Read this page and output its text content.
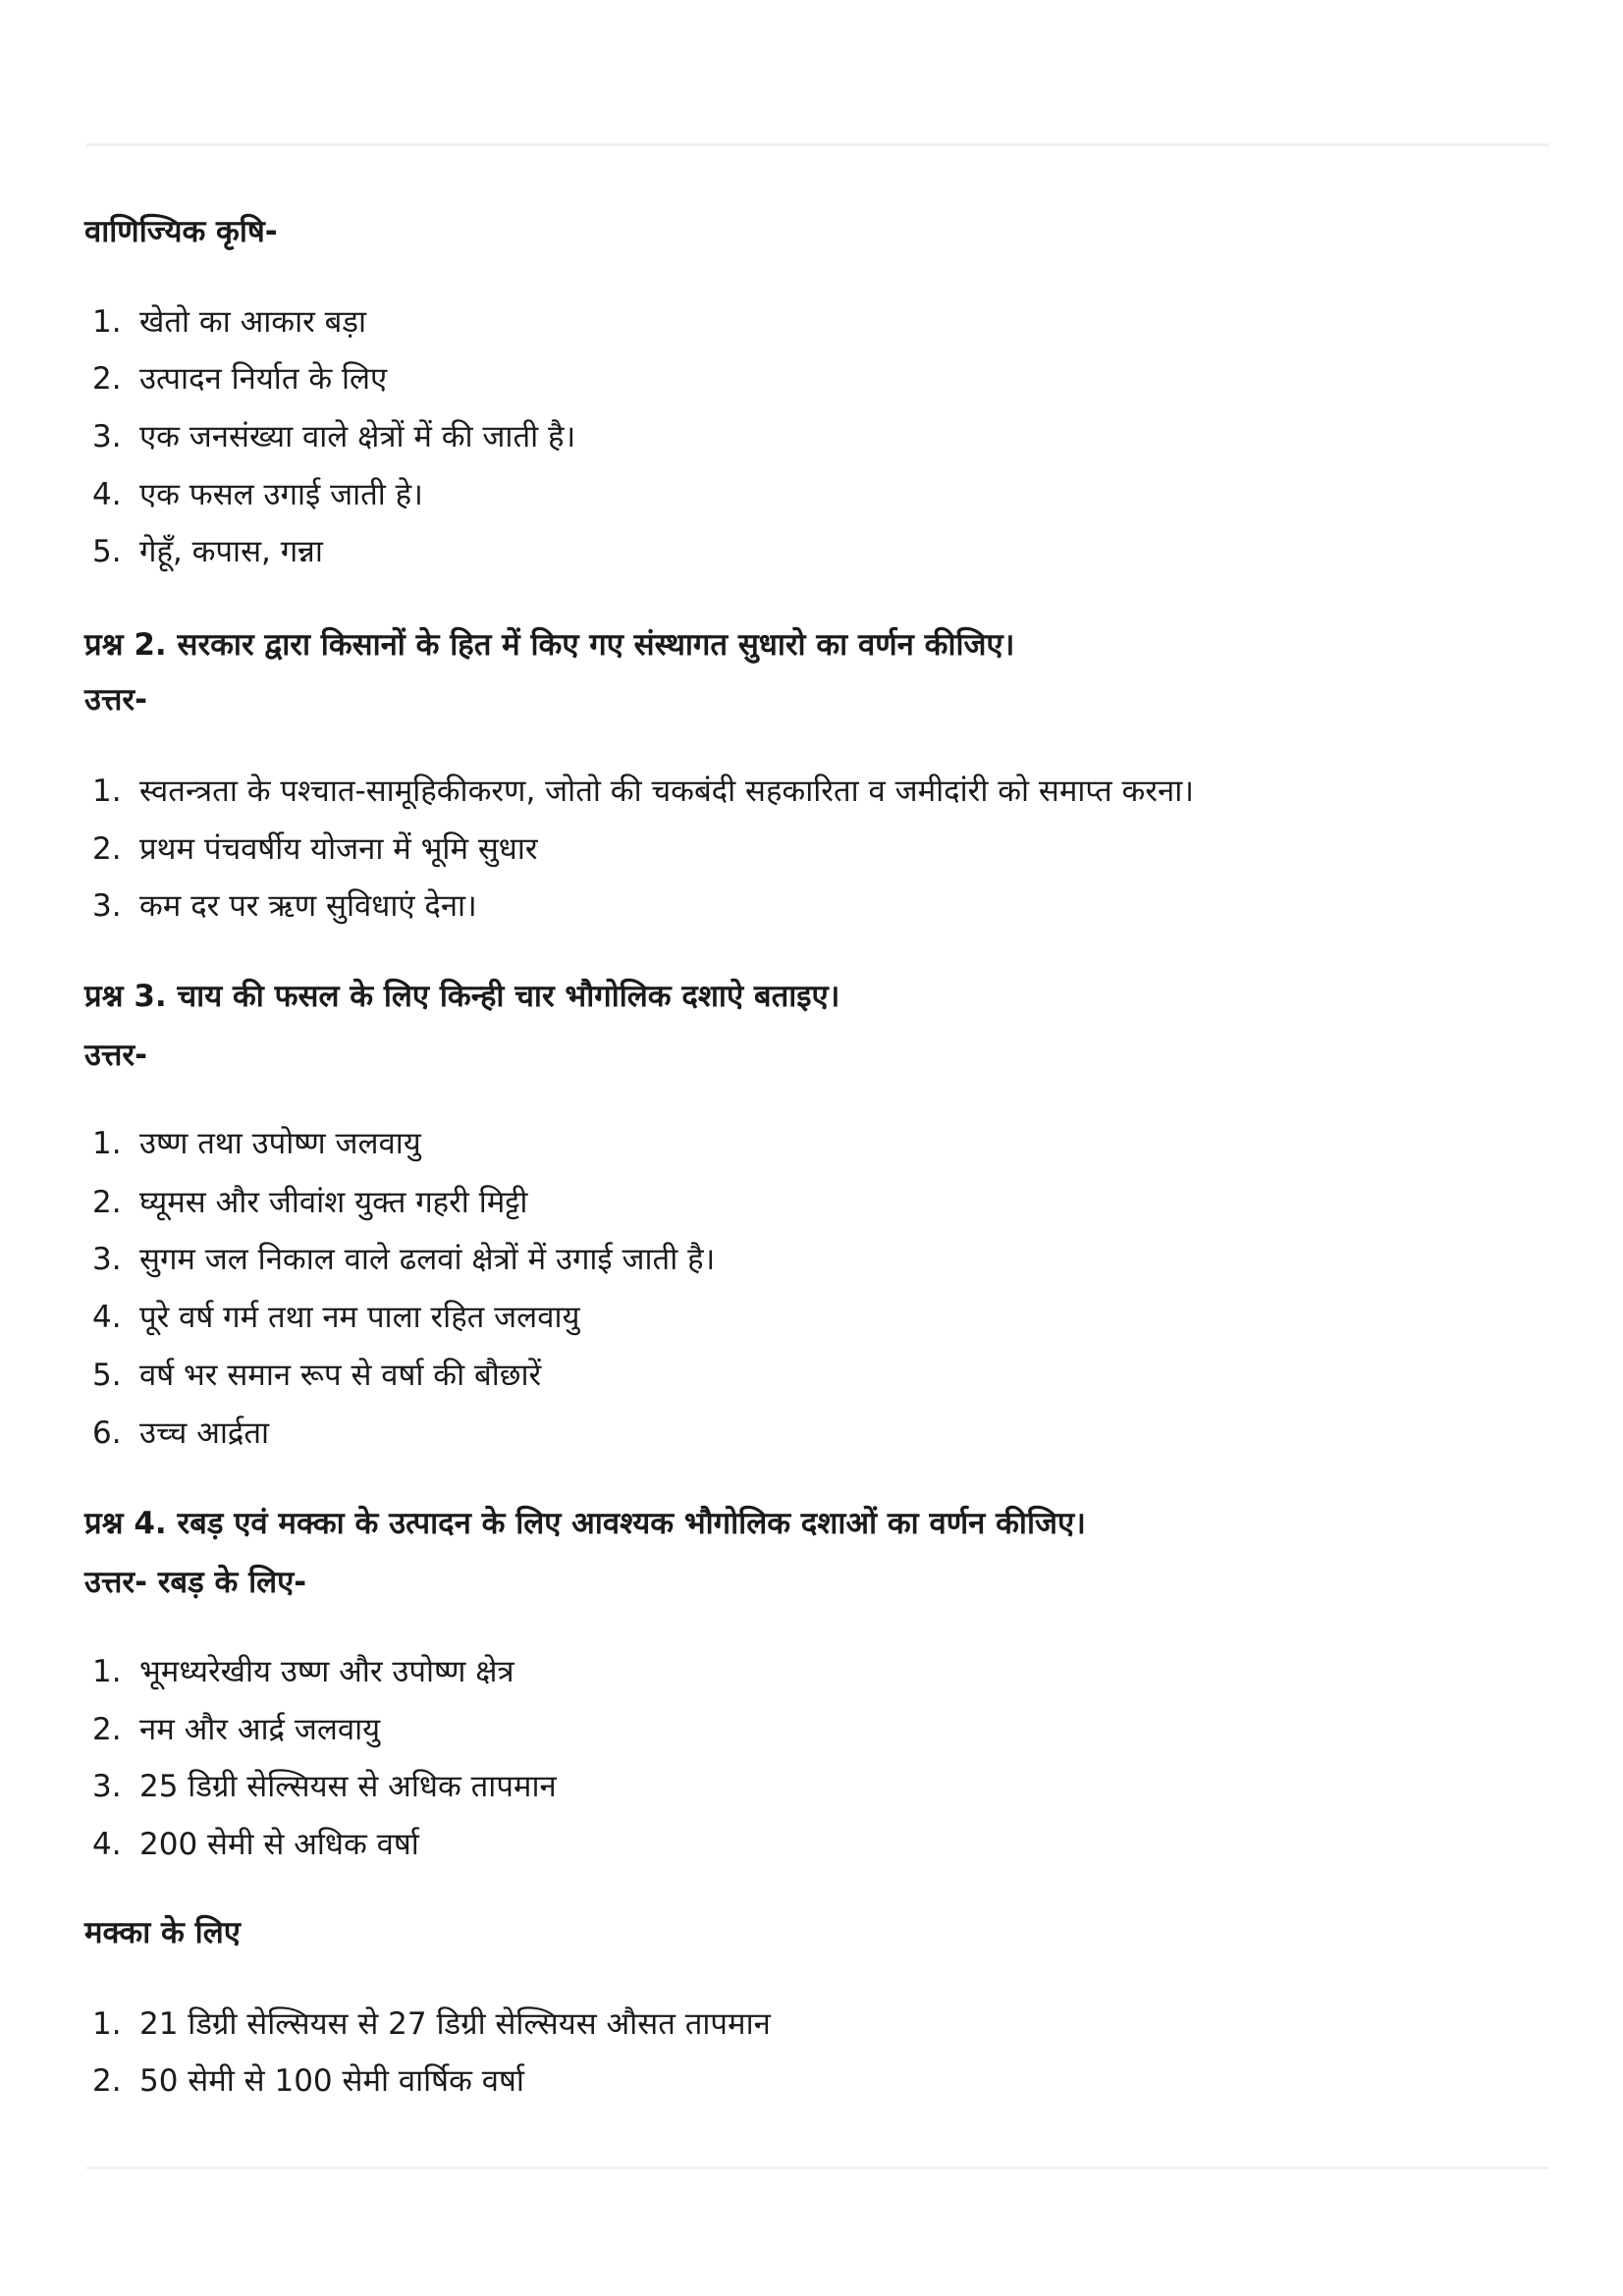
वाणिज्यिक कृषि-
1. खेतो का आकार बड़ा
2. उत्पादन निर्यात के लिए
3. एक जनसंख्या वाले क्षेत्रों में की जाती है।
4. एक फसल उगाई जाती हे।
5. गेहूँ, कपास, गन्ना
प्रश्न 2. सरकार द्वारा किसानों के हित में किए गए संस्थागत सुधारो का वर्णन कीजिए।
उत्तर-
1. स्वतन्त्रता के पश्चात-सामूहिकीकरण, जोतो की चकबंदी सहकारिता व जमीदांरी को समाप्त करना।
2. प्रथम पंचवर्षीय योजना में भूमि सुधार
3. कम दर पर ऋण सुविधाएं देना।
प्रश्न 3. चाय की फसल के लिए किन्ही चार भौगोलिक दशाऐ बताइए।
उत्तर-
1. उष्ण तथा उपोष्ण जलवायु
2. घ्यूमस और जीवांश युक्त गहरी मिट्टी
3. सुगम जल निकाल वाले ढलवां क्षेत्रों में उगाई जाती है।
4. पूरे वर्ष गर्म तथा नम पाला रहित जलवायु
5. वर्ष भर समान रूप से वर्षा की बौछारें
6. उच्च आर्द्रता
प्रश्न 4. रबड़ एवं मक्का के उत्पादन के लिए आवश्यक भौगोलिक दशाओं का वर्णन कीजिए।
उत्तर- रबड़ के लिए-
1. भूमध्यरेखीय उष्ण और उपोष्ण क्षेत्र
2. नम और आर्द्र जलवायु
3. 25 डिग्री सेल्सियस से अधिक तापमान
4. 200 सेमी से अधिक वर्षा
मक्का के लिए
1. 21 डिग्री सेल्सियस से 27 डिग्री सेल्सियस औसत तापमान
2. 50 सेमी से 100 सेमी वार्षिक वर्षा
